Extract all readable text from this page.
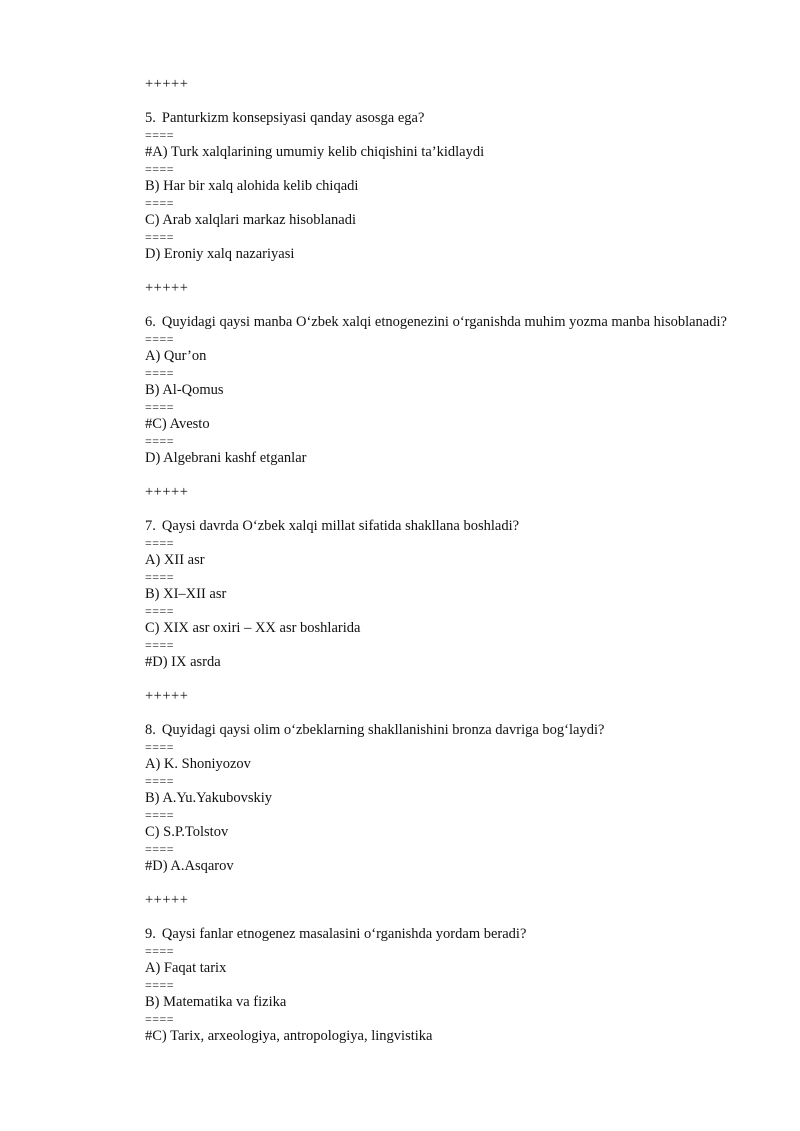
+++++
5. Panturkizm konsepsiyasi qanday asosga ega?
====
#A) Turk xalqlarining umumiy kelib chiqishini ta’kidlaydi
====
B) Har bir xalq alohida kelib chiqadi
====
C) Arab xalqlari markaz hisoblanadi
====
D) Eroniy xalq nazariyasi
+++++
6. Quyidagi qaysi manba O‘zbek xalqi etnogenezini o‘rganishda muhim yozma manba hisoblanadi?
====
A) Qur’on
====
B) Al-Qomus
====
#C) Avesto
====
D) Algebrani kashf etganlar
+++++
7. Qaysi davrda O‘zbek xalqi millat sifatida shakllana boshladi?
====
A) XII asr
====
B) XI–XII asr
====
C) XIX asr oxiri – XX asr boshlarida
====
#D) IX asrda
+++++
8. Quyidagi qaysi olim o‘zbeklarning shakllanishini bronza davriga bog‘laydi?
====
A) K. Shoniyozov
====
B) A.Yu.Yakubovskiy
====
C) S.P.Tolstov
====
#D) A.Asqarov
+++++
9. Qaysi fanlar etnogenez masalasini o‘rganishda yordam beradi?
====
A) Faqat tarix
====
B) Matematika va fizika
====
#C) Tarix, arxeologiya, antropologiya, lingvistika
